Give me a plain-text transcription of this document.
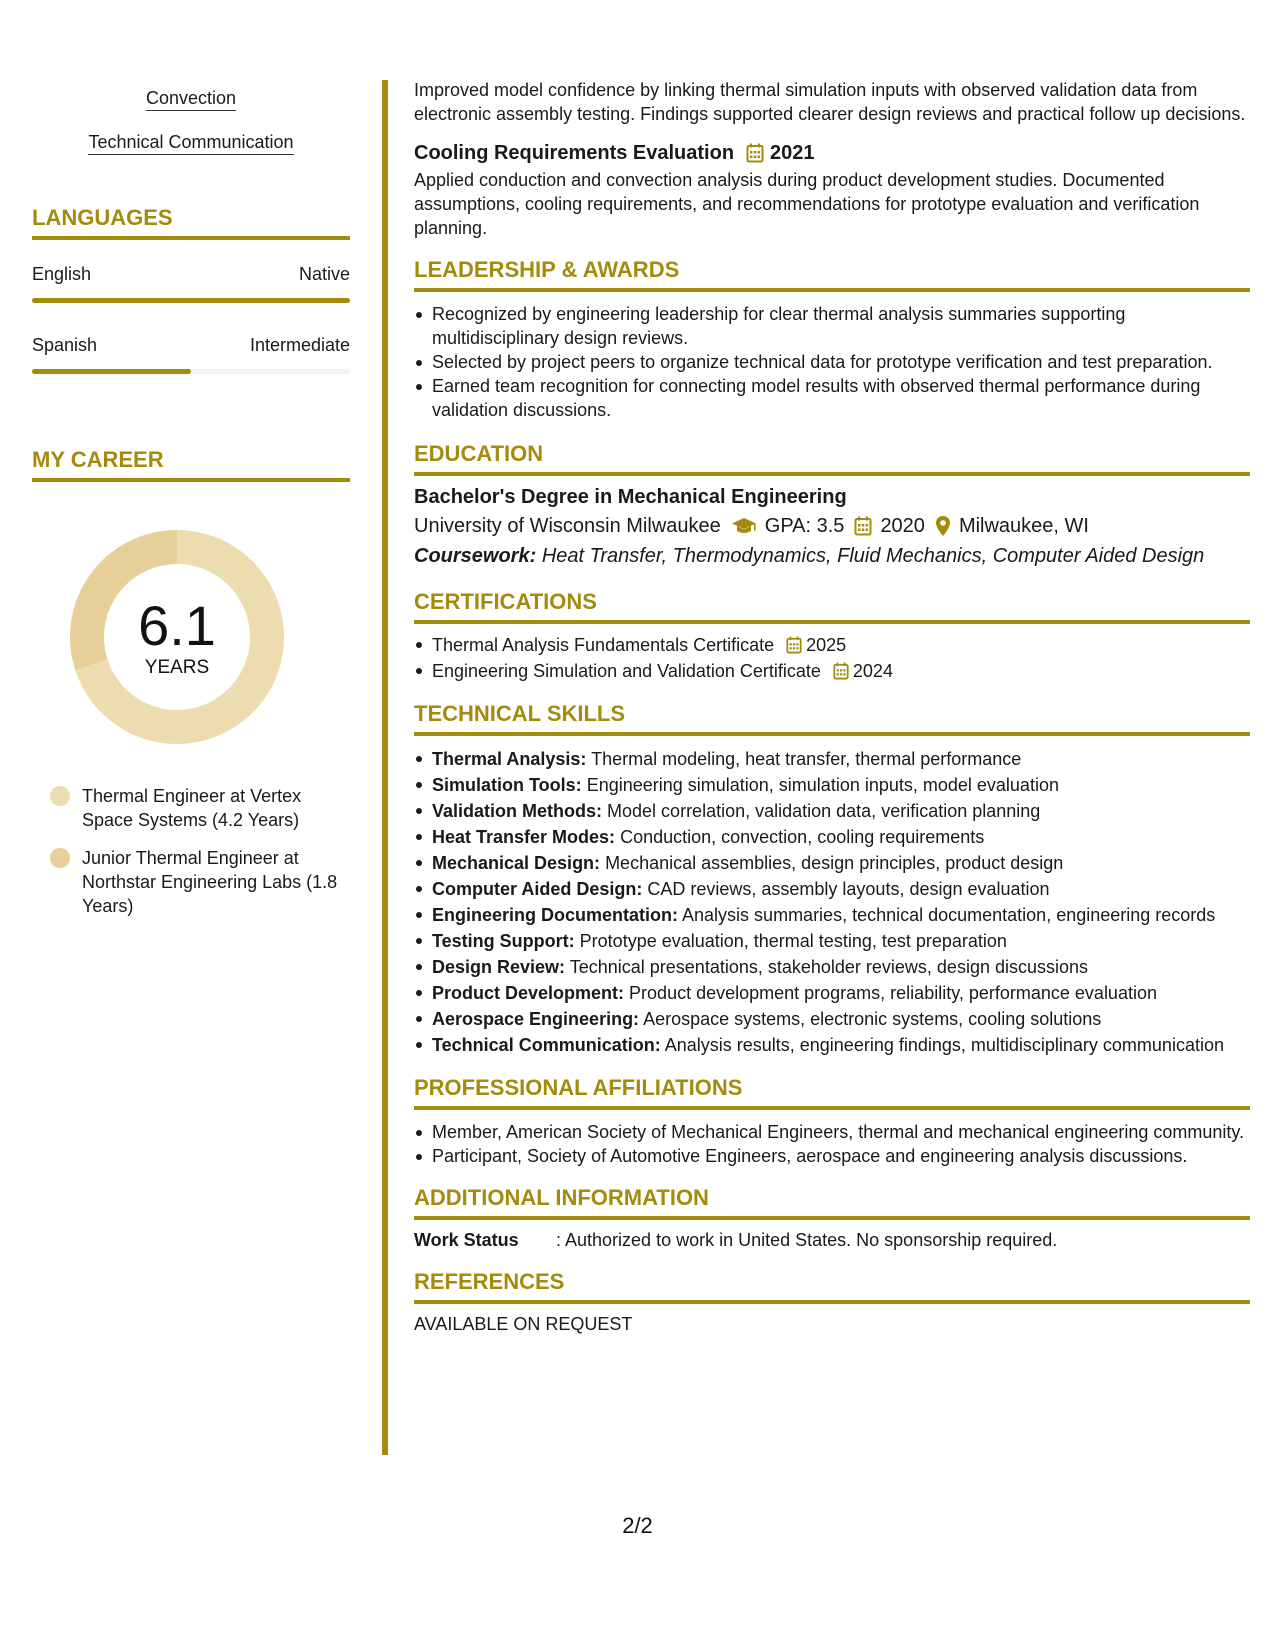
Convection
Technical Communication
LANGUAGES
English	Native
Spanish	Intermediate
MY CAREER
6.1
YEARS
Thermal Engineer at Vertex Space Systems (4.2 Years)
Junior Thermal Engineer at Northstar Engineering Labs (1.8 Years)

Improved model confidence by linking thermal simulation inputs with observed validation data from electronic assembly testing. Findings supported clearer design reviews and practical follow up decisions.

Cooling Requirements Evaluation 2021

Applied conduction and convection analysis during product development studies. Documented assumptions, cooling requirements, and recommendations for prototype evaluation and verification planning.

LEADERSHIP & AWARDS
Recognized by engineering leadership for clear thermal analysis summaries supporting multidisciplinary design reviews.
Selected by project peers to organize technical data for prototype verification and test preparation.
Earned team recognition for connecting model results with observed thermal performance during validation discussions.
EDUCATION
Bachelor's Degree in Mechanical Engineering
University of Wisconsin Milwaukee GPA: 3.5 2020 Milwaukee, WI
Coursework: Heat Transfer, Thermodynamics, Fluid Mechanics, Computer Aided Design
CERTIFICATIONS
Thermal Analysis Fundamentals Certificate 2025
Engineering Simulation and Validation Certificate 2024
TECHNICAL SKILLS
Thermal Analysis: Thermal modeling, heat transfer, thermal performance
Simulation Tools: Engineering simulation, simulation inputs, model evaluation
Validation Methods: Model correlation, validation data, verification planning
Heat Transfer Modes: Conduction, convection, cooling requirements
Mechanical Design: Mechanical assemblies, design principles, product design
Computer Aided Design: CAD reviews, assembly layouts, design evaluation
Engineering Documentation: Analysis summaries, technical documentation, engineering records
Testing Support: Prototype evaluation, thermal testing, test preparation
Design Review: Technical presentations, stakeholder reviews, design discussions
Product Development: Product development programs, reliability, performance evaluation
Aerospace Engineering: Aerospace systems, electronic systems, cooling solutions
Technical Communication: Analysis results, engineering findings, multidisciplinary communication
PROFESSIONAL AFFILIATIONS
Member, American Society of Mechanical Engineers, thermal and mechanical engineering community.
Participant, Society of Automotive Engineers, aerospace and engineering analysis discussions.
ADDITIONAL INFORMATION
Work Status	: Authorized to work in United States. No sponsorship required.
REFERENCES

AVAILABLE ON REQUEST

2/2
